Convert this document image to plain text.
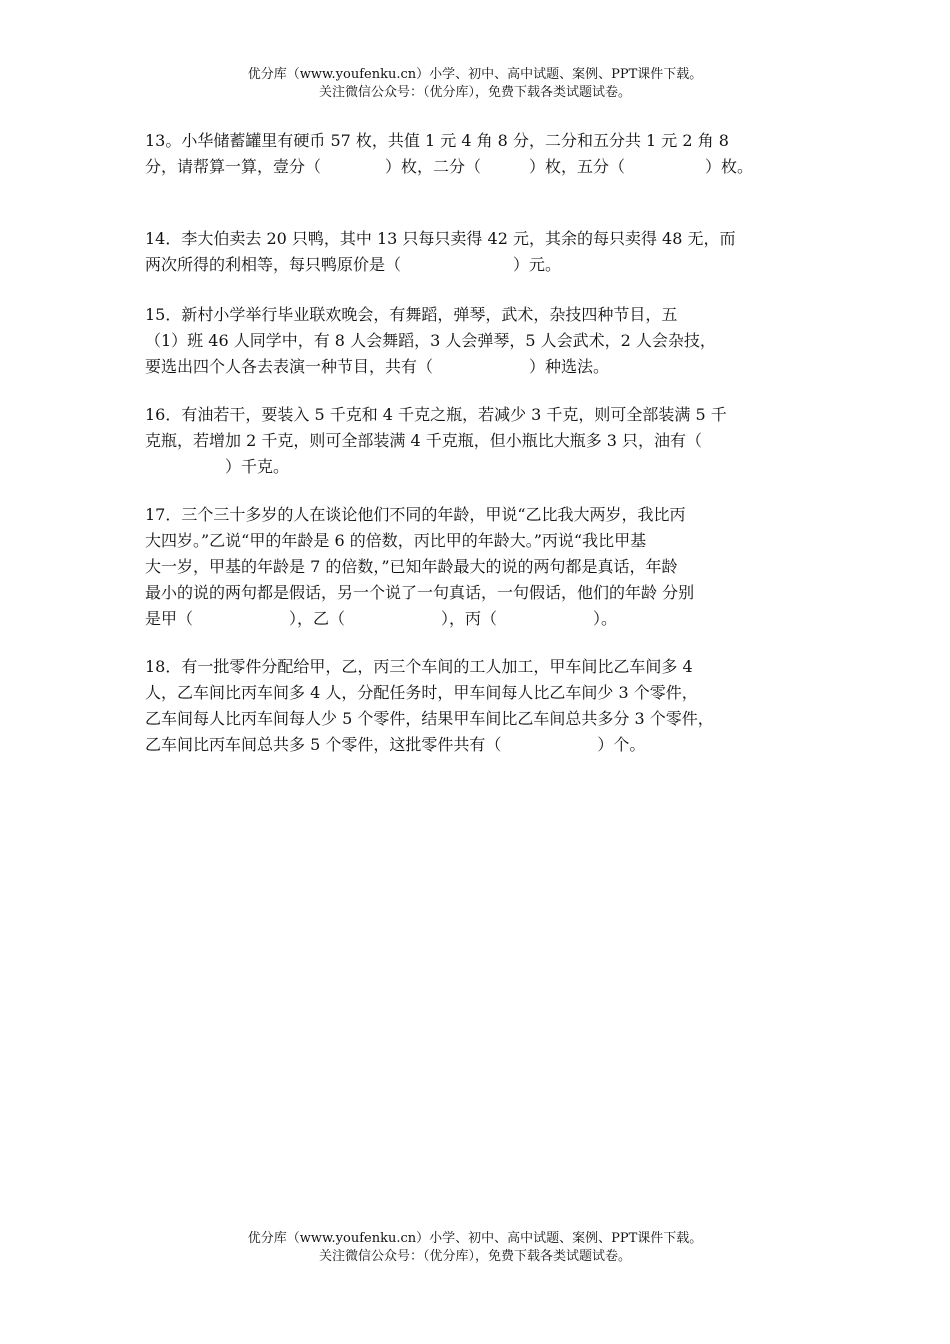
优分库（www.youfenku.cn）小学、初中、高中试题、案例、PPT课件下载。
关注微信公众号：（优分库），免费下载各类试题试卷。
13。小华储蓄罐里有硬币 57 枚，共值 1 元 4 角 8 分，二分和五分共 1 元 2 角 8
分，请帮算一算，壹分（　　　　）枚，二分（　　　）枚，五分（　　　　　）枚。
14．李大伯卖去 20 只鸭，其中 13 只每只卖得 42 元，其余的每只卖得 48 无，而
两次所得的利相等，每只鸭原价是（　　　　　　　）元。
15．新村小学举行毕业联欢晚会，有舞蹈，弹琴，武术，杂技四种节目，五
（1）班 46 人同学中，有 8 人会舞蹈，3 人会弹琴，5 人会武术，2 人会杂技，
要选出四个人各去表演一种节目，共有（　　　　　　）种选法。
16．有油若干，要装入 5 千克和 4 千克之瓶，若减少 3 千克，则可全部装满 5 千
克瓶，若增加 2 千克，则可全部装满 4 千克瓶，但小瓶比大瓶多 3 只，油有（
　　　　　）千克。
17．三个三十多岁的人在谈论他们不同的年龄，甲说“乙比我大两岁，我比丙
大四岁。”乙说“甲的年龄是 6 的倍数，丙比甲的年龄大。”丙说“我比甲基
大一岁，甲基的年龄是 7 的倍数，”已知年龄最大的说的两句都是真话，年龄
最小的说的两句都是假话，另一个说了一句真话，一句假话，他们的年龄 分别
是甲（　　　　　　），乙（　　　　　　），丙（　　　　　　）。
18．有一批零件分配给甲，乙，丙三个车间的工人加工，甲车间比乙车间多 4
人，乙车间比丙车间多 4 人，分配任务时，甲车间每人比乙车间少 3 个零件，
乙车间每人比丙车间每人少 5 个零件，结果甲车间比乙车间总共多分 3 个零件，
乙车间比丙车间总共多 5 个零件，这批零件共有（　　　　　　）个。
优分库（www.youfenku.cn）小学、初中、高中试题、案例、PPT课件下载。
关注微信公众号：（优分库），免费下载各类试题试卷。
